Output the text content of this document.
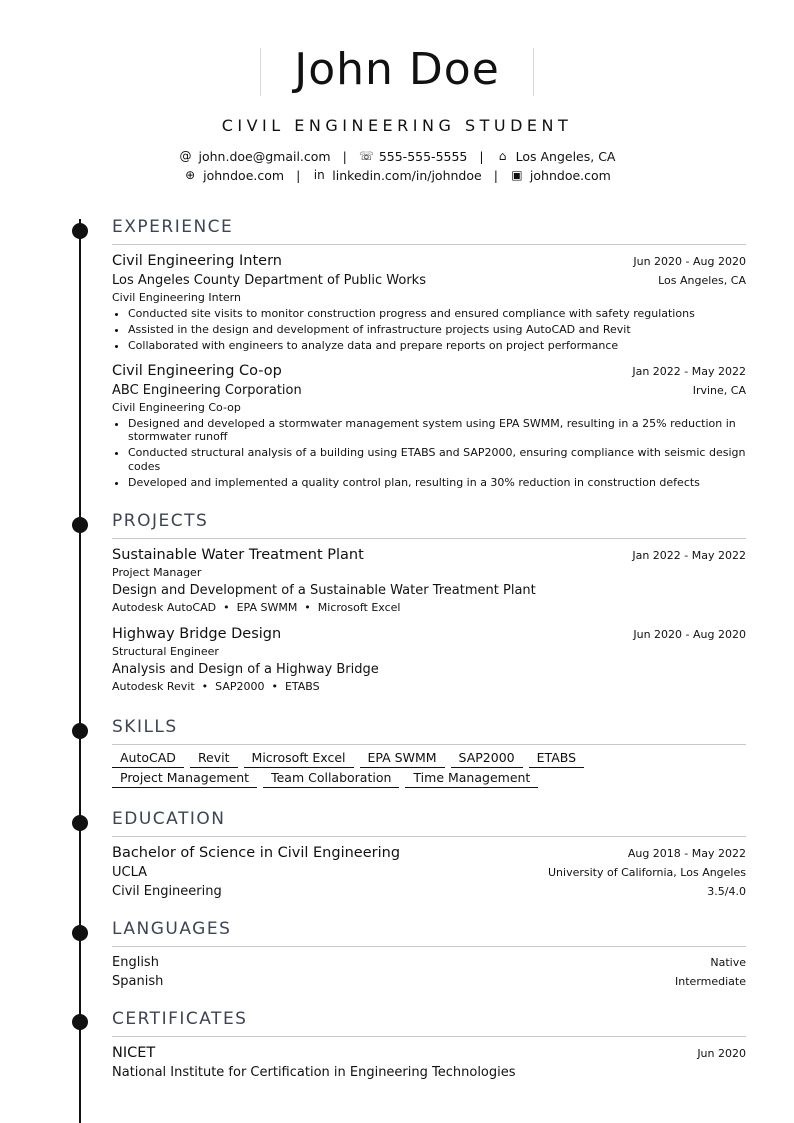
John Doe
CIVIL ENGINEERING STUDENT
@ john.doe@gmail.com | ☏ 555-555-5555 | ⌂ Los Angeles, CA
⊕ johndoe.com | in linkedin.com/in/johndoe | ▣ johndoe.com
EXPERIENCE
Civil Engineering Intern	Jun 2020 - Aug 2020
Los Angeles County Department of Public Works	Los Angeles, CA
Civil Engineering Intern
• Conducted site visits to monitor construction progress and ensured compliance with safety regulations
• Assisted in the design and development of infrastructure projects using AutoCAD and Revit
• Collaborated with engineers to analyze data and prepare reports on project performance
Civil Engineering Co-op	Jan 2022 - May 2022
ABC Engineering Corporation	Irvine, CA
Civil Engineering Co-op
• Designed and developed a stormwater management system using EPA SWMM, resulting in a 25% reduction in stormwater runoff
• Conducted structural analysis of a building using ETABS and SAP2000, ensuring compliance with seismic design codes
• Developed and implemented a quality control plan, resulting in a 30% reduction in construction defects
PROJECTS
Sustainable Water Treatment Plant	Jan 2022 - May 2022
Project Manager
Design and Development of a Sustainable Water Treatment Plant
Autodesk AutoCAD  •  EPA SWMM  •  Microsoft Excel
Highway Bridge Design	Jun 2020 - Aug 2020
Structural Engineer
Analysis and Design of a Highway Bridge
Autodesk Revit  •  SAP2000  •  ETABS
SKILLS
AutoCAD	Revit	Microsoft Excel	EPA SWMM	SAP2000	ETABS
Project Management	Team Collaboration	Time Management
EDUCATION
Bachelor of Science in Civil Engineering	Aug 2018 - May 2022
UCLA	University of California, Los Angeles
Civil Engineering	3.5/4.0
LANGUAGES
English	Native
Spanish	Intermediate
CERTIFICATES
NICET	Jun 2020
National Institute for Certification in Engineering Technologies
